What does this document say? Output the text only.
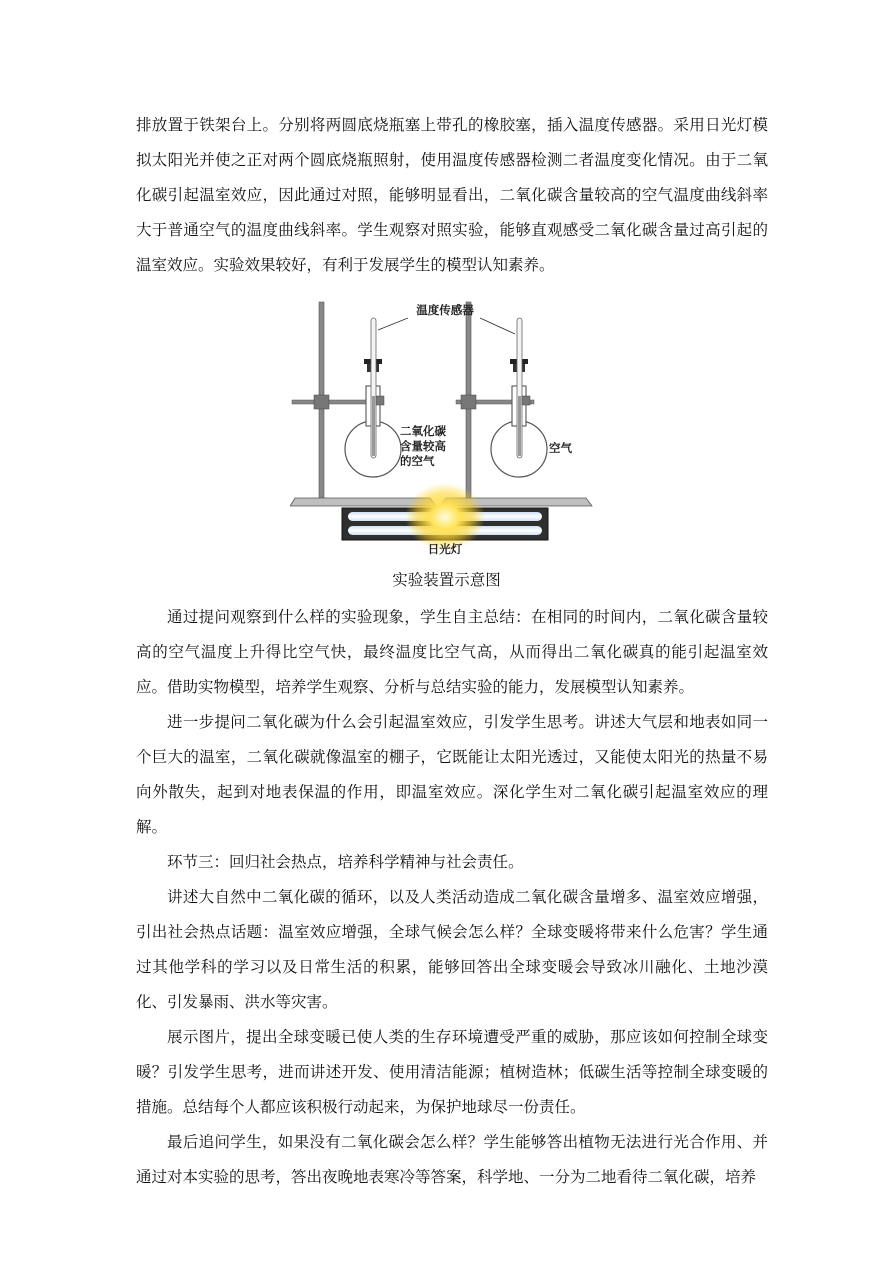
排放置于铁架台上。分别将两圆底烧瓶塞上带孔的橡胶塞，插入温度传感器。采用日光灯模拟太阳光并使之正对两个圆底烧瓶照射，使用温度传感器检测二者温度变化情况。由于二氧化碳引起温室效应，因此通过对照，能够明显看出，二氧化碳含量较高的空气温度曲线斜率大于普通空气的温度曲线斜率。学生观察对照实验，能够直观感受二氧化碳含量过高引起的温室效应。实验效果较好，有利于发展学生的模型认知素养。

温度传感器
二氧化碳
含量较高
的空气
空气
日光灯
实验装置示意图

通过提问观察到什么样的实验现象，学生自主总结：在相同的时间内，二氧化碳含量较高的空气温度上升得比空气快，最终温度比空气高，从而得出二氧化碳真的能引起温室效应。借助实物模型，培养学生观察、分析与总结实验的能力，发展模型认知素养。

进一步提问二氧化碳为什么会引起温室效应，引发学生思考。讲述大气层和地表如同一个巨大的温室，二氧化碳就像温室的棚子，它既能让太阳光透过，又能使太阳光的热量不易向外散失，起到对地表保温的作用，即温室效应。深化学生对二氧化碳引起温室效应的理解。

环节三：回归社会热点，培养科学精神与社会责任。

讲述大自然中二氧化碳的循环，以及人类活动造成二氧化碳含量增多、温室效应增强，引出社会热点话题：温室效应增强，全球气候会怎么样？全球变暖将带来什么危害？学生通过其他学科的学习以及日常生活的积累，能够回答出全球变暖会导致冰川融化、土地沙漠化、引发暴雨、洪水等灾害。

展示图片，提出全球变暖已使人类的生存环境遭受严重的威胁，那应该如何控制全球变暖？引发学生思考，进而讲述开发、使用清洁能源；植树造林；低碳生活等控制全球变暖的措施。总结每个人都应该积极行动起来，为保护地球尽一份责任。

最后追问学生，如果没有二氧化碳会怎么样？学生能够答出植物无法进行光合作用、并通过对本实验的思考，答出夜晚地表寒冷等答案，科学地、一分为二地看待二氧化碳，培养
